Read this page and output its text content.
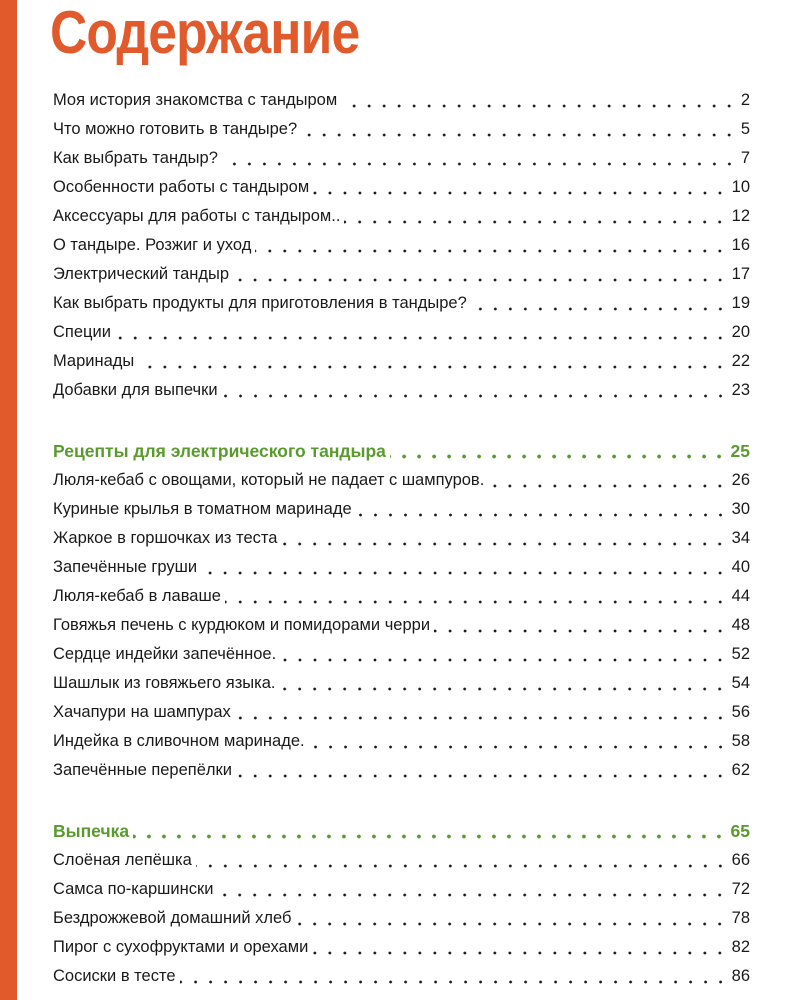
Содержание
Моя история знакомства с тандыром	2
Что можно готовить в тандыре?	5
Как выбрать тандыр?	7
Особенности работы с тандыром	10
Аксессуары для работы с тандыром..	12
О тандыре. Розжиг и уход	16
Электрический тандыр	17
Как выбрать продукты для приготовления в тандыре?	19
Специи	20
Маринады	22
Добавки для выпечки	23
Рецепты для электрического тандыра	25
Люля-кебаб с овощами, который не падает с шампуров.	26
Куриные крылья в томатном маринаде	30
Жаркое в горшочках из теста	34
Запечённые груши	40
Люля-кебаб в лаваше	44
Говяжья печень с курдюком и помидорами черри	48
Сердце индейки запечённое.	52
Шашлык из говяжьего языка.	54
Хачапури на шампурах	56
Индейка в сливочном маринаде.	58
Запечённые перепёлки	62
Выпечка	65
Слоёная лепёшка	66
Самса по-каршински	72
Бездрожжевой домашний хлеб	78
Пирог с сухофруктами и орехами	82
Сосиски в тесте	86
